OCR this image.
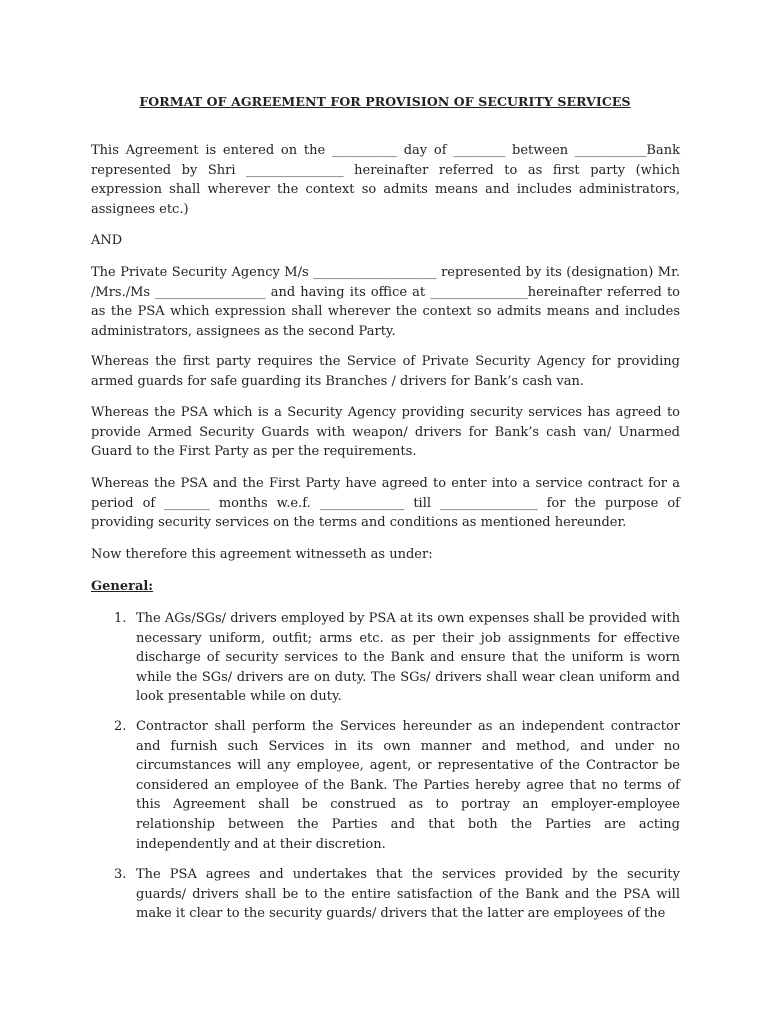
FORMAT OF AGREEMENT FOR PROVISION OF SECURITY SERVICES

This Agreement is entered on the __________ day of ________ between ___________Bank represented by Shri _______________ hereinafter referred to as first party (which expression shall wherever the context so admits means and includes administrators, assignees etc.)

AND

The Private Security Agency M/s ___________________ represented by its (designation) Mr. /Mrs./Ms _________________ and having its office at _______________hereinafter referred to as the PSA which expression shall wherever the context so admits means and includes administrators, assignees as the second Party.

Whereas the first party requires the Service of Private Security Agency for providing armed guards for safe guarding its Branches / drivers for Bank’s cash van.

Whereas the PSA which is a Security Agency providing security services has agreed to provide Armed Security Guards with weapon/ drivers for Bank’s cash van/ Unarmed Guard to the First Party as per the requirements.

Whereas the PSA and the First Party have agreed to enter into a service contract for a period of _______ months w.e.f. _____________ till _______________ for the purpose of providing security services on the terms and conditions as mentioned hereunder.

Now therefore this agreement witnesseth as under:

General:

1. The AGs/SGs/ drivers employed by PSA at its own expenses shall be provided with necessary uniform, outfit; arms etc. as per their job assignments for effective discharge of security services to the Bank and ensure that the uniform is worn while the SGs/ drivers are on duty. The SGs/ drivers shall wear clean uniform and look presentable while on duty.

2. Contractor shall perform the Services hereunder as an independent contractor and furnish such Services in its own manner and method, and under no circumstances will any employee, agent, or representative of the Contractor be considered an employee of the Bank. The Parties hereby agree that no terms of this Agreement shall be construed as to portray an employer-employee relationship between the Parties and that both the Parties are acting independently and at their discretion.

3. The PSA agrees and undertakes that the services provided by the security guards/ drivers shall be to the entire satisfaction of the Bank and the PSA will make it clear to the security guards/ drivers that the latter are employees of the
